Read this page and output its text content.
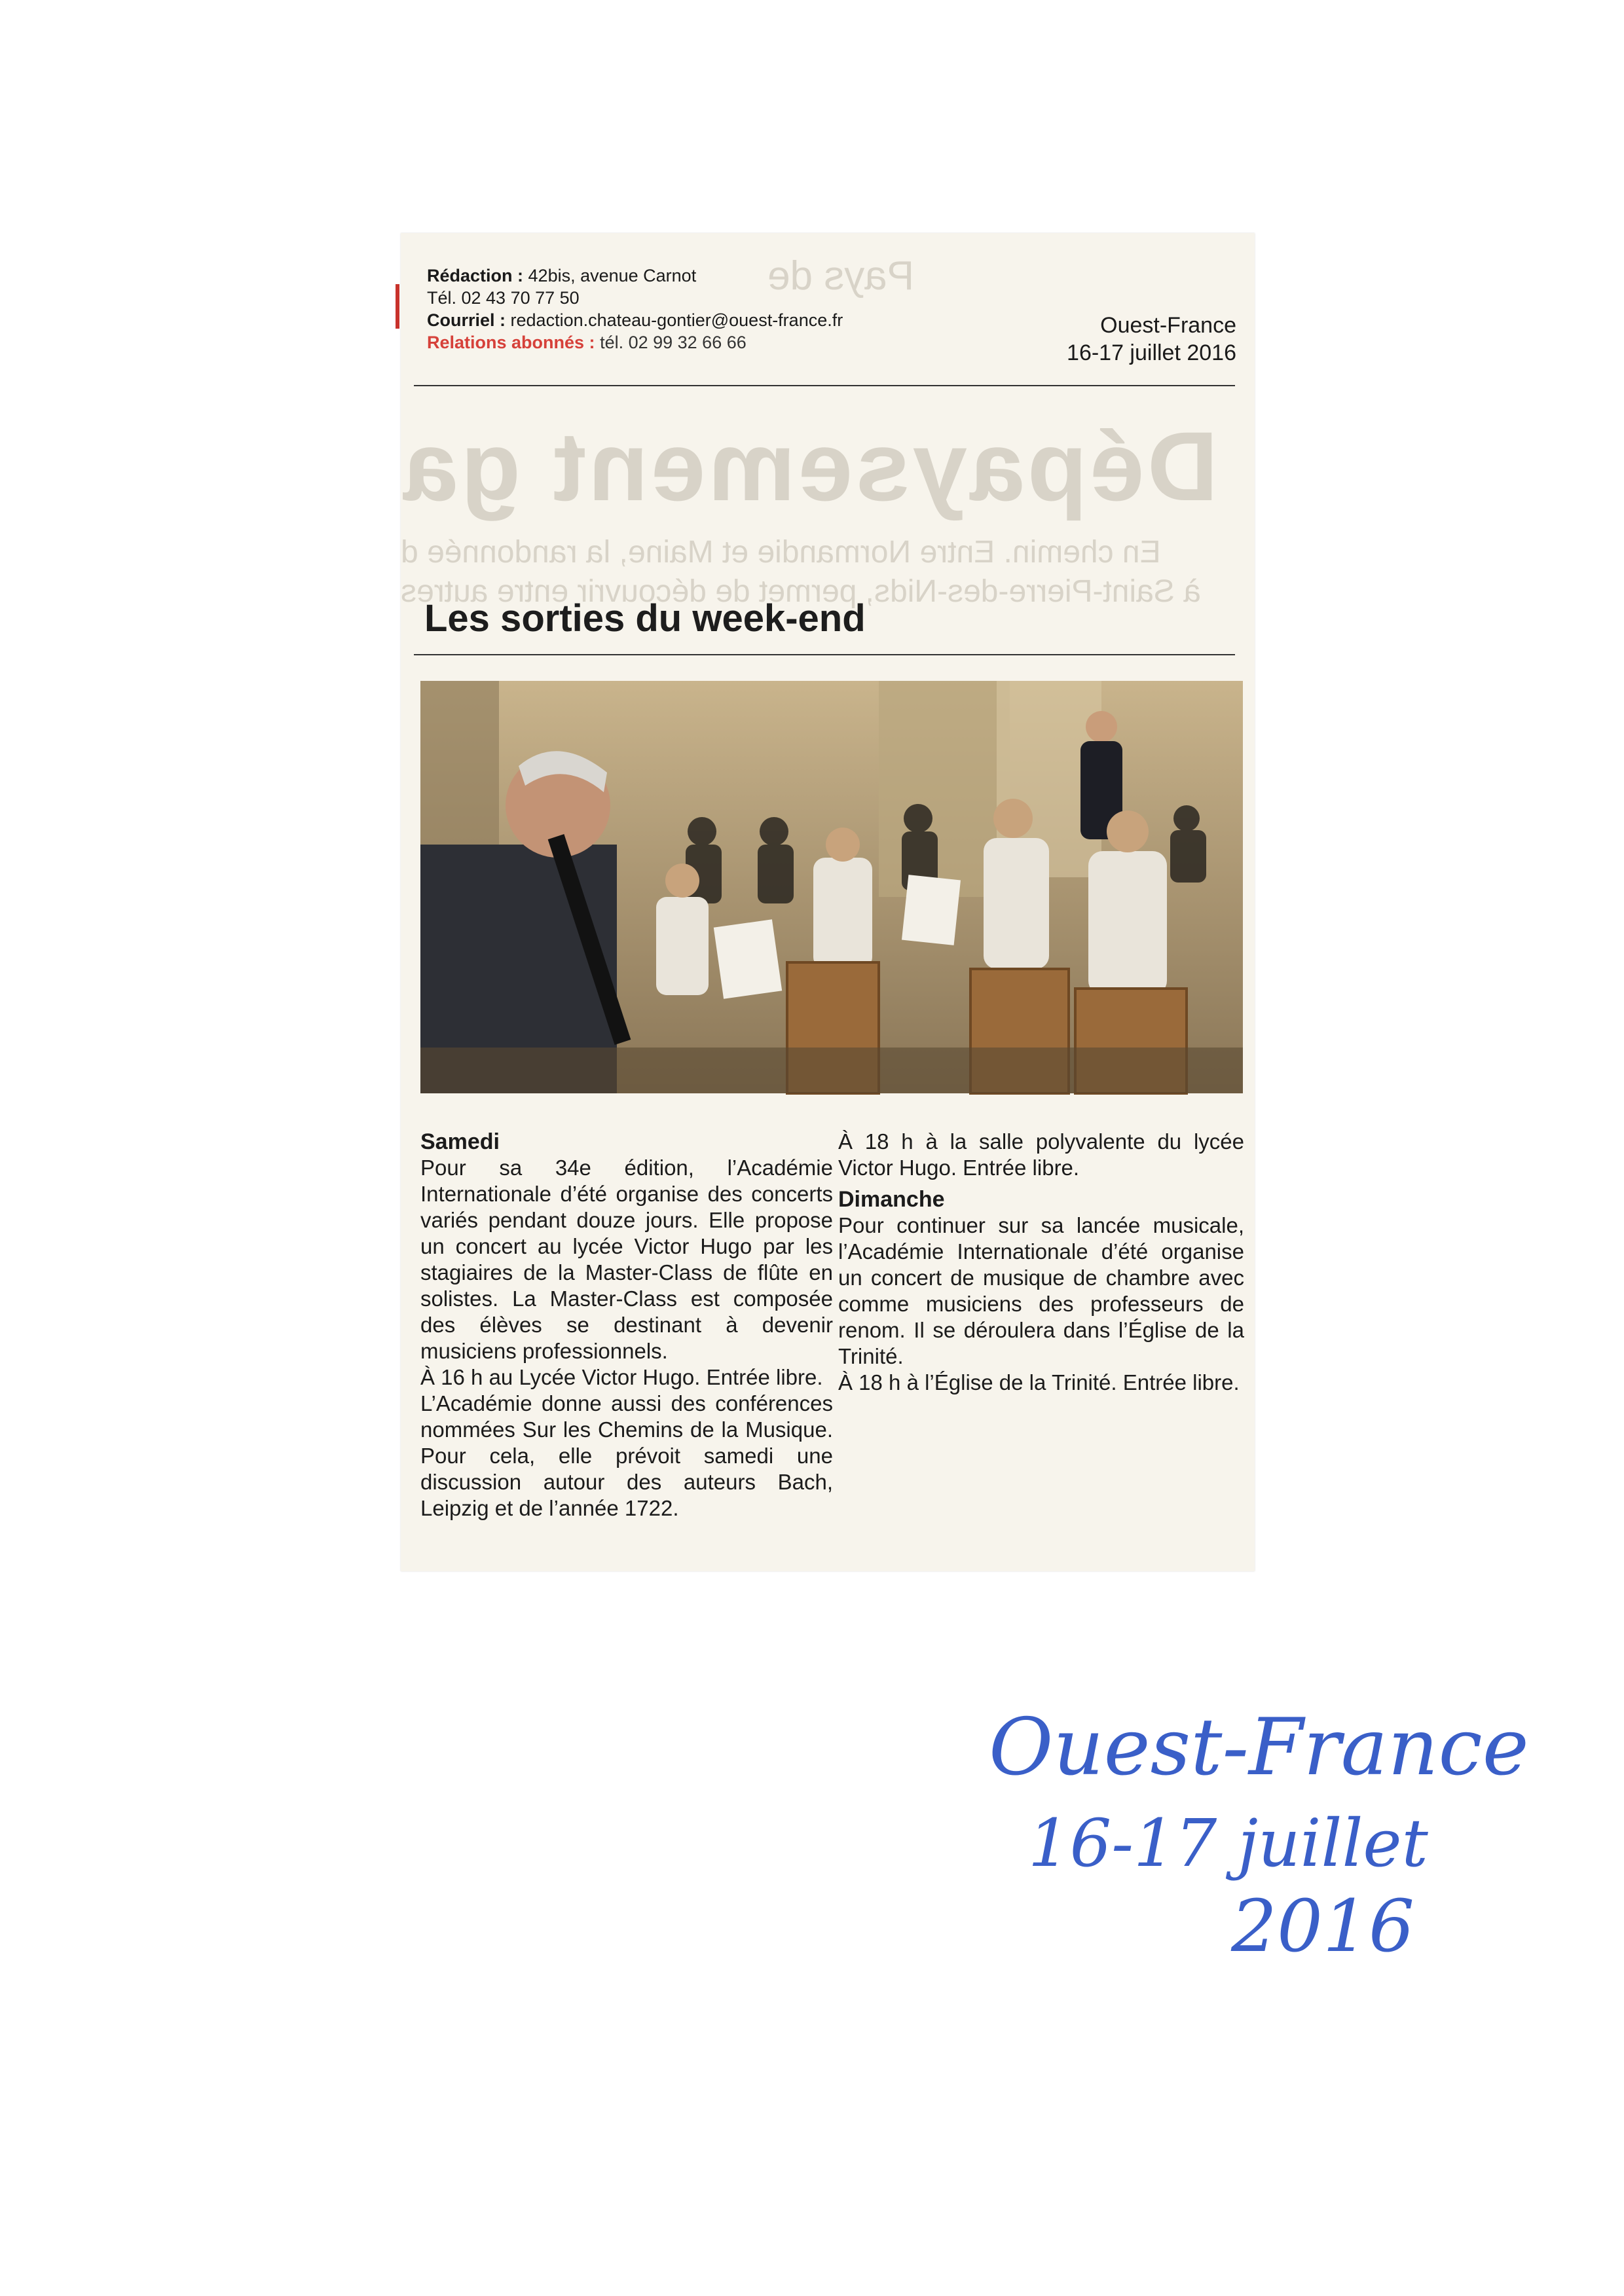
Pays de
Dépaysement ga
En chemin. Entre Normandie et Maine, la randonnée d
à Saint-Pierre-des-Nids, permet de découvrir entre autres
Rédaction : 42bis, avenue Carnot
Tél. 02 43 70 77 50
Courriel : redaction.chateau-gontier@ouest-france.fr
Relations abonnés : tél. 02 99 32 66 66
Ouest-France
16-17 juillet 2016
Les sorties du week-end

Samedi

Pour sa 34e édition, l’Académie Internationale d’été organise des concerts variés pendant douze jours. Elle propose un concert au lycée Victor Hugo par les stagiaires de la Master-Class de flûte en solistes. La Master-Class est composée des élèves se destinant à devenir musiciens professionnels.

À 16 h au Lycée Victor Hugo. Entrée libre.

L’Académie donne aussi des conférences nommées Sur les Chemins de la Musique. Pour cela, elle prévoit samedi une discussion autour des auteurs Bach, Leipzig et de l’année 1722.

À 18 h à la salle polyvalente du lycée Victor Hugo. Entrée libre.

Dimanche

Pour continuer sur sa lancée musicale, l’Académie Internationale d’été organise un concert de musique de chambre avec comme musiciens des professeurs de renom. Il se déroulera dans l’Église de la Trinité.

À 18 h à l’Église de la Trinité. Entrée libre.

Ouest-France
16-17 juillet
2016
